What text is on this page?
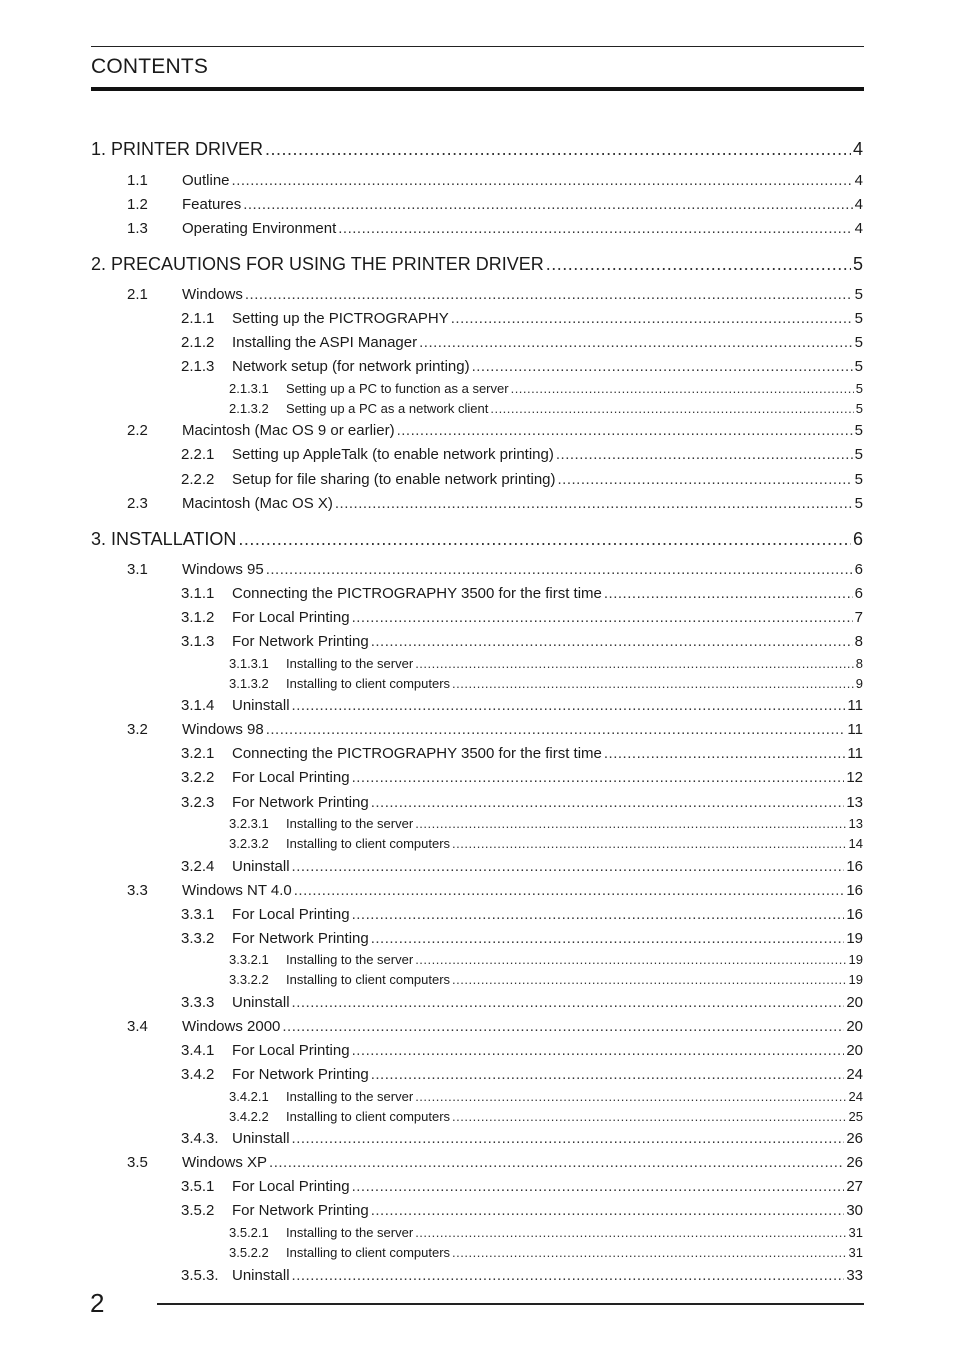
CONTENTS
1. PRINTER DRIVER .....	4
1.1 Outline .....	4
1.2 Features .....	4
1.3 Operating Environment .....	4
2. PRECAUTIONS FOR USING THE PRINTER DRIVER .....	5
2.1 Windows .....	5
2.1.1 Setting up the PICTROGRAPHY .....	5
2.1.2 Installing the ASPI Manager .....	5
2.1.3 Network setup (for network printing) .....	5
2.1.3.1 Setting up a PC to function as a server .....	5
2.1.3.2 Setting up a PC as a network client .....	5
2.2 Macintosh (Mac OS 9 or earlier) .....	5
2.2.1 Setting up AppleTalk (to enable network printing) .....	5
2.2.2 Setup for file sharing (to enable network printing) .....	5
2.3 Macintosh (Mac OS X) .....	5
3. INSTALLATION .....	6
3.1 Windows 95 .....	6
3.1.1 Connecting the PICTROGRAPHY 3500 for the first time .....	6
3.1.2 For Local Printing .....	7
3.1.3 For Network Printing .....	8
3.1.3.1 Installing to the server .....	8
3.1.3.2 Installing to client computers .....	9
3.1.4 Uninstall .....	11
3.2 Windows 98 .....	11
3.2.1 Connecting the PICTROGRAPHY 3500 for the first time .....	11
3.2.2 For Local Printing .....	12
3.2.3 For Network Printing .....	13
3.2.3.1 Installing to the server .....	13
3.2.3.2 Installing to client computers .....	14
3.2.4 Uninstall .....	16
3.3 Windows NT 4.0 .....	16
3.3.1 For Local Printing .....	16
3.3.2 For Network Printing .....	19
3.3.2.1 Installing to the server .....	19
3.3.2.2 Installing to client computers .....	19
3.3.3 Uninstall .....	20
3.4 Windows 2000 .....	20
3.4.1 For Local Printing .....	20
3.4.2 For Network Printing .....	24
3.4.2.1 Installing to the server .....	24
3.4.2.2 Installing to client computers .....	25
3.4.3. Uninstall .....	26
3.5 Windows XP .....	26
3.5.1 For Local Printing .....	27
3.5.2 For Network Printing .....	30
3.5.2.1 Installing to the server .....	31
3.5.2.2 Installing to client computers .....	31
3.5.3. Uninstall .....	33
2
